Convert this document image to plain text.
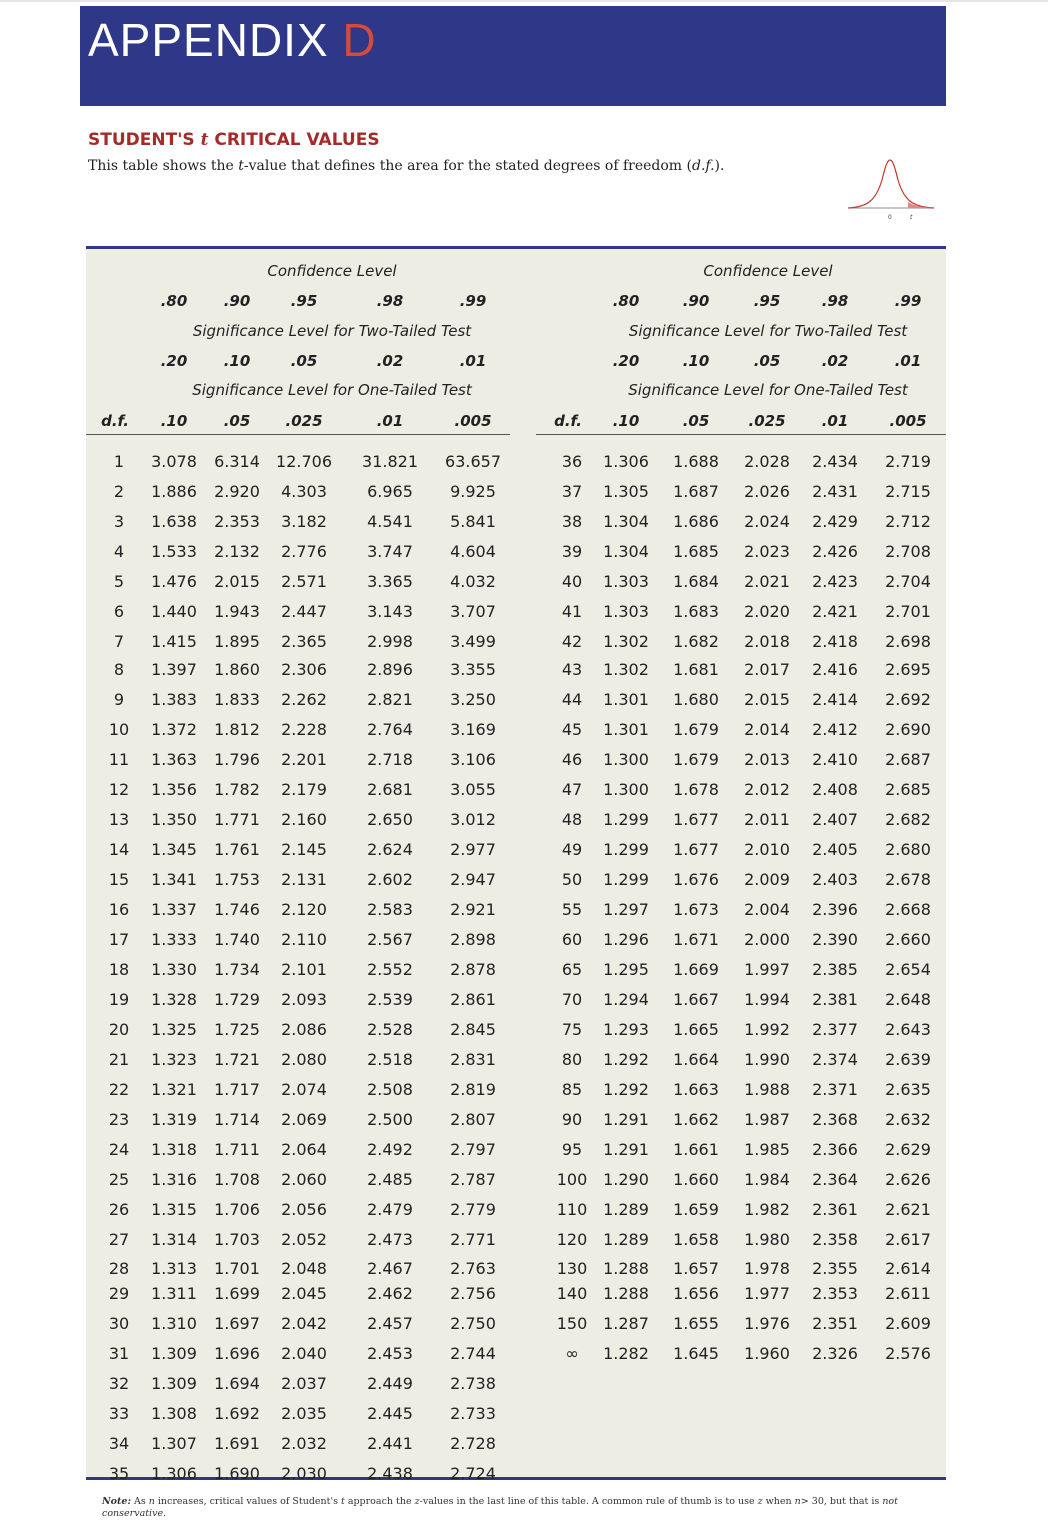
APPENDIX D
STUDENT'S t CRITICAL VALUES
This table shows the t-value that defines the area for the stated degrees of freedom (d.f.).
0	t
Confidence Level
.80 .90	.95	.98	.99
Significance Level for Two-Tailed Test
.20 .10	.05	.02	.01
Significance Level for One-Tailed Test
d.f. .10 .05 .025	.01	.005
1 3.078 6.314 12.706 31.821 63.657
2 1.886 2.920 4.303	6.965 9.925
3 1.638 2.353 3.182	4.541 5.841
4 1.533 2.132 2.776	3.747 4.604
5 1.476 2.015 2.571	3.365 4.032
6 1.440 1.943 2.447	3.143 3.707
7 1.415 1.895 2.365	2.998 3.499
8 1.397 1.860 2.306	2.896 3.355
9 1.383 1.833 2.262	2.821 3.250
10 1.372 1.812 2.228	2.764 3.169
11 1.363 1.796 2.201	2.718 3.106
12 1.356 1.782 2.179	2.681 3.055
13 1.350 1.771 2.160	2.650 3.012
14 1.345 1.761 2.145	2.624 2.977
15 1.341 1.753 2.131	2.602 2.947
16 1.337 1.746 2.120	2.583 2.921
17 1.333 1.740 2.110	2.567 2.898
18 1.330 1.734 2.101	2.552 2.878
19 1.328 1.729 2.093	2.539 2.861
20 1.325 1.725 2.086	2.528 2.845
21 1.323 1.721 2.080	2.518 2.831
22 1.321 1.717 2.074	2.508 2.819
23 1.319 1.714 2.069	2.500 2.807
24 1.318 1.711 2.064	2.492 2.797
25 1.316 1.708 2.060	2.485 2.787
26 1.315 1.706 2.056	2.479 2.779
27 1.314 1.703 2.052	2.473 2.771
28 1.313 1.701 2.048	2.467 2.763
29 1.311 1.699 2.045	2.462 2.756
30 1.310 1.697 2.042	2.457 2.750
31 1.309 1.696 2.040	2.453 2.744
32 1.309 1.694 2.037	2.449 2.738
33 1.308 1.692 2.035	2.445 2.733
34 1.307 1.691 2.032	2.441 2.728
35 1.306 1.690 2.030	2.438 2.724
Confidence Level
.80	.90	.95	.98	.99
Significance Level for Two-Tailed Test
.20	.10	.05	.02	.01
Significance Level for One-Tailed Test
d.f. .10	.05	.025 .01	.005
36 1.306 1.688 2.028 2.434 2.719
37 1.305 1.687 2.026 2.431 2.715
38 1.304 1.686 2.024 2.429 2.712
39 1.304 1.685 2.023 2.426 2.708
40 1.303 1.684 2.021 2.423 2.704
41 1.303 1.683 2.020 2.421 2.701
42 1.302 1.682 2.018 2.418 2.698
43 1.302 1.681 2.017 2.416 2.695
44 1.301 1.680 2.015 2.414 2.692
45 1.301 1.679 2.014 2.412 2.690
46 1.300 1.679 2.013 2.410 2.687
47 1.300 1.678 2.012 2.408 2.685
48 1.299 1.677 2.011 2.407 2.682
49 1.299 1.677 2.010 2.405 2.680
50 1.299 1.676 2.009 2.403 2.678
55 1.297 1.673 2.004 2.396 2.668
60 1.296 1.671 2.000 2.390 2.660
65 1.295 1.669 1.997 2.385 2.654
70 1.294 1.667 1.994 2.381 2.648
75 1.293 1.665 1.992 2.377 2.643
80 1.292 1.664 1.990 2.374 2.639
85 1.292 1.663 1.988 2.371 2.635
90 1.291 1.662 1.987 2.368 2.632
95 1.291 1.661 1.985 2.366 2.629
100 1.290 1.660 1.984 2.364 2.626
110 1.289 1.659 1.982 2.361 2.621
120 1.289 1.658 1.980 2.358 2.617
130 1.288 1.657 1.978 2.355 2.614
140 1.288 1.656 1.977 2.353 2.611
150 1.287 1.655 1.976 2.351 2.609
∞ 1.282 1.645 1.960 2.326 2.576
Note: As n increases, critical values of Student's t approach the z-values in the last line of this table. A common rule of thumb is to use z when n> 30, but that is not conservative.
